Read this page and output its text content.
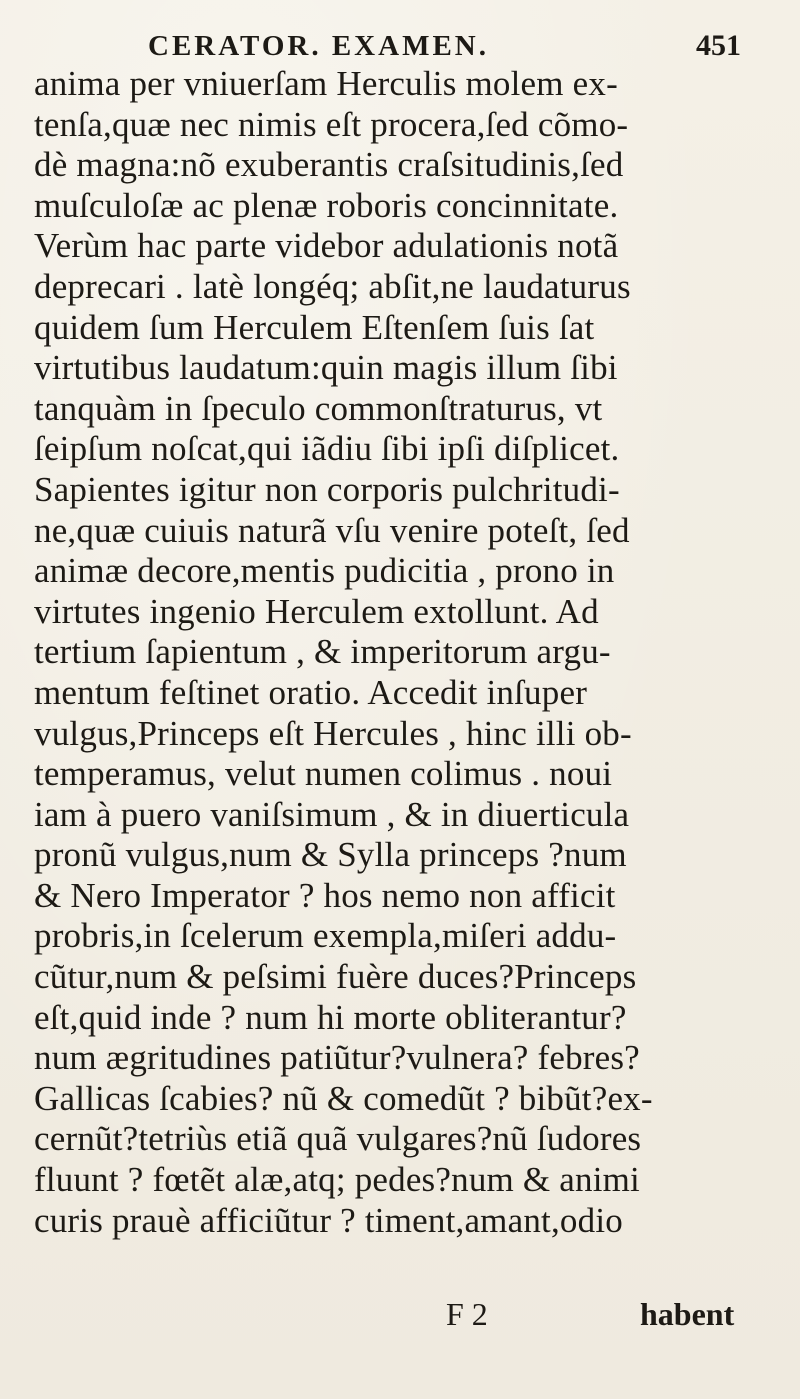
CERATOR. EXAMEN.	451
anima per vniuerſam Herculis molem ex-
tenſa,quæ nec nimis eſt procera,ſed cõmo-
dè magna:nõ exuberantis craſsitudinis,ſed
muſculoſæ ac plenæ roboris concinnitate.
Verùm hac parte videbor adulationis notã
deprecari . latè longéq; abſit,ne laudaturus
quidem ſum Herculem Eſtenſem ſuis ſat
virtutibus laudatum:quin magis illum ſibi
tanquàm in ſpeculo commonſtraturus, vt
ſeipſum noſcat,qui iãdiu ſibi ipſi diſplicet.
Sapientes igitur non corporis pulchritudi-
ne,quæ cuiuis naturã vſu venire poteſt, ſed
animæ decore,mentis pudicitia , prono in
virtutes ingenio Herculem extollunt. Ad
tertium ſapientum , & imperitorum argu-
mentum feſtinet oratio. Accedit inſuper
vulgus,Princeps eſt Hercules , hinc illi ob-
temperamus, velut numen colimus . noui
iam à puero vaniſsimum , & in diuerticula
pronũ vulgus,num & Sylla princeps ?num
& Nero Imperator ? hos nemo non afficit
probris,in ſcelerum exempla,miſeri addu-
cũtur,num & peſsimi fuère duces?Princeps
eſt,quid inde ? num hi morte obliterantur?
num ægritudines patiũtur?vulnera? febres?
Gallicas ſcabies? nũ & comedũt ? bibũt?ex-
cernũt?tetriùs etiã quã vulgares?nũ ſudores
fluunt ? fœtẽt alæ,atq; pedes?num & animi
curis prauè afficiũtur ? timent,amant,odio
F 2	habent
